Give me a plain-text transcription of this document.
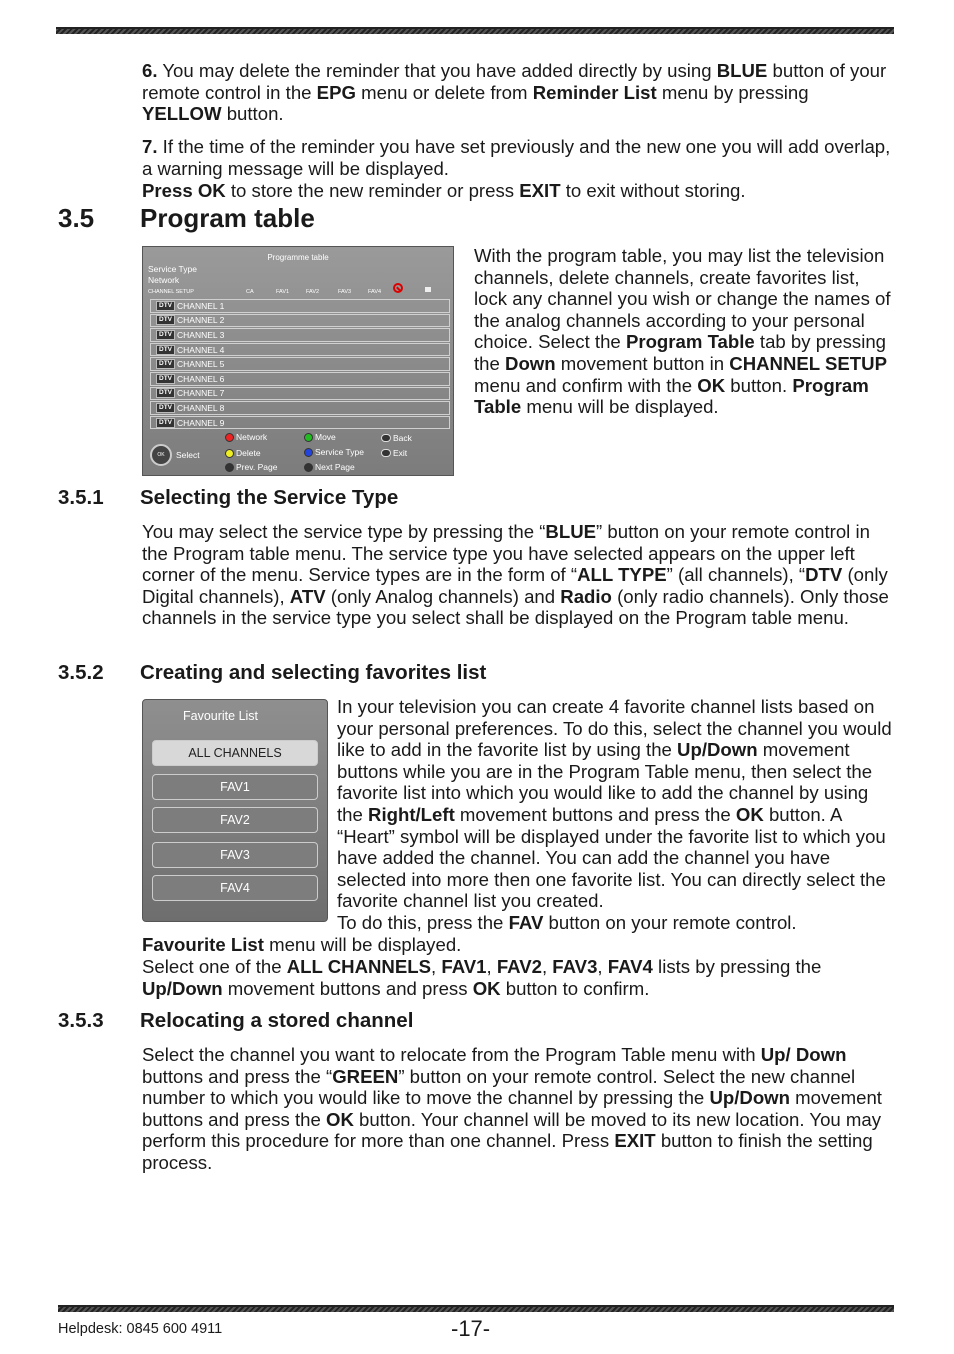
6. You may delete the reminder that you have added directly by using BLUE button of your remote control in the EPG menu or delete from Reminder List menu by pressing YELLOW button.

7. If the time of the reminder you have set previously and the new one you will add overlap, a warning message will be displayed.

Press OK to store the new reminder or press EXIT to exit without storing.

3.5 Program table
Programme table
Service Type
Network
CHANNEL SETUP	CA	FAV1	FAV2	FAV3	FAV4
DTV CHANNEL 1
DTV CHANNEL 2
DTV CHANNEL 3
DTV CHANNEL 4
DTV CHANNEL 5
DTV CHANNEL 6
DTV CHANNEL 7
DTV CHANNEL 8
DTV CHANNEL 9
OK	Select
Network	Move	Back
Delete	Service Type	Exit
Prev. Page	Next Page

With the program table, you may list the television channels, delete channels, create favorites list, lock any channel you wish or change the names of the analog channels according to your personal choice. Select the Program Table tab by pressing the Down movement button in CHANNEL SETUP menu and confirm with the OK button. Program Table menu will be displayed.

3.5.1 Selecting the Service Type

You may select the service type by pressing the “BLUE” button on your remote control in the Program table menu. The service type you have selected appears on the upper left corner of the menu. Service types are in the form of “ALL TYPE” (all channels), “DTV (only Digital channels), ATV (only Analog channels) and Radio (only radio channels). Only those channels in the service type you select shall be displayed on the Program table menu.

3.5.2 Creating and selecting favorites list
Favourite List
ALL CHANNELS
FAV1
FAV2
FAV3
FAV4

In your television you can create 4 favorite channel lists based on your personal preferences. To do this, select the channel you would like to add in the favorite list by using the Up/Down movement buttons while you are in the Program Table menu, then select the favorite list into which you would like to add the channel by using the Right/Left movement buttons and press the OK button. A “Heart” symbol will be displayed under the favorite list to which you have added the channel. You can add the channel you have selected into more then one favorite list. You can directly select the favorite channel list you created.

To do this, press the FAV button on your remote control.

Favourite List menu will be displayed.

Select one of the ALL CHANNELS, FAV1, FAV2, FAV3, FAV4 lists by pressing the Up/Down movement buttons and press OK button to confirm.

3.5.3 Relocating a stored channel

Select the channel you want to relocate from the Program Table menu with Up/ Down buttons and press the “GREEN” button on your remote control. Select the new channel number to which you would like to move the channel by pressing the Up/Down movement buttons and press the OK button. Your channel will be moved to its new location. You may perform this procedure for more than one channel. Press EXIT button to finish the setting process.

Helpdesk: 0845 600 4911	-17-
